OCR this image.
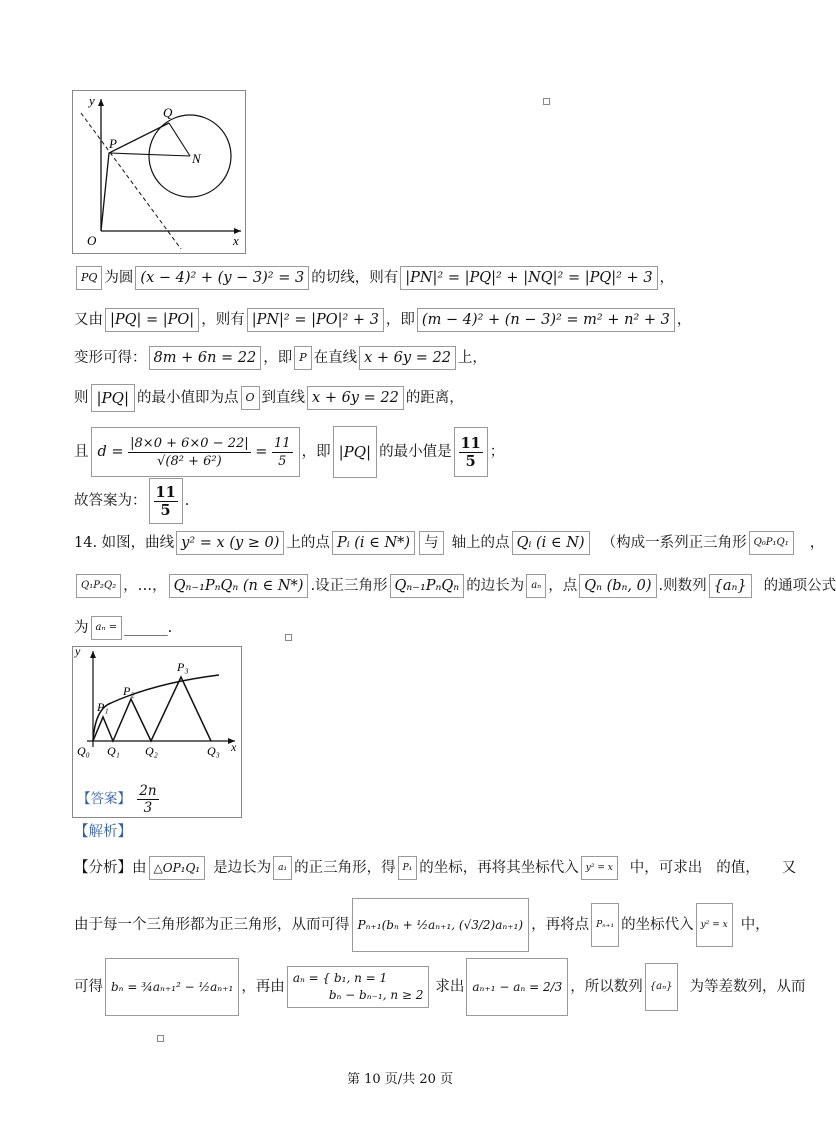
y
x
O
P
Q
N
PQ 为圆 (x − 4)² + (y − 3)² = 3 的切线，则有 |PN|² = |PQ|² + |NQ|² = |PQ|² + 3 ，
又由 |PQ| = |PO| ，则有 |PN|² = |PO|² + 3 ，即 (m − 4)² + (n − 3)² = m² + n² + 3 ，
变形可得： 8m + 6n = 22 ，即 P 在直线 x + 6y = 22 上，
则 |PQ| 的最小值即为点 O 到直线 x + 6y = 22 的距离，
且 $d = \frac{|8\times 0 + 6\times 0 - 22|}{\text{√(8² + 6²)}} = \frac{11}{5}$ ，即 |PQ| 的最小值是 $\frac{11}{5}$ ；
故答案为： $\frac{11}{5}$ .
14. 如图，曲线 y² = x (y ≥ 0) 上的点 Pᵢ (i ∈ N*) 与 轴上的点 Qᵢ (i ∈ N) （构成一系列正三角形 Q₀P₁Q₁ ，
Q₁P₂Q₂ ，…， Qₙ₋₁PₙQₙ (n ∈ N*) .设正三角形 Qₙ₋₁PₙQₙ 的边长为 aₙ ，点 Qₙ (bₙ, 0) .则数列 {aₙ} 的通项公式
为 aₙ = ______.
y
x
Q₀ Q₁ Q₂	Q₃
P₁
P₂
P₃
【答案】 $\frac{2n}{3}$
【解析】
【分析】由 △OP₁Q₁ 是边长为 a₁ 的正三角形，得 P₁ 的坐标，再将其坐标代入 y² = x 中，可求出 的值， 又
由于每一个三角形都为正三角形，从而可得 Pₙ₊₁(bₙ + ½aₙ₊₁, (√3/2)aₙ₊₁) ，再将点 Pₙ₊₁ 的坐标代入 y² = x 中，
可得 bₙ = ¾aₙ₊₁² − ½aₙ₊₁ ，再由aₙ = { b₁, n = 1
bₙ − bₙ₋₁, n ≥ 2 求出 aₙ₊₁ − aₙ = 2/3 ，所以数列 {aₙ} 为等差数列，从而
第 10 页/共 20 页
